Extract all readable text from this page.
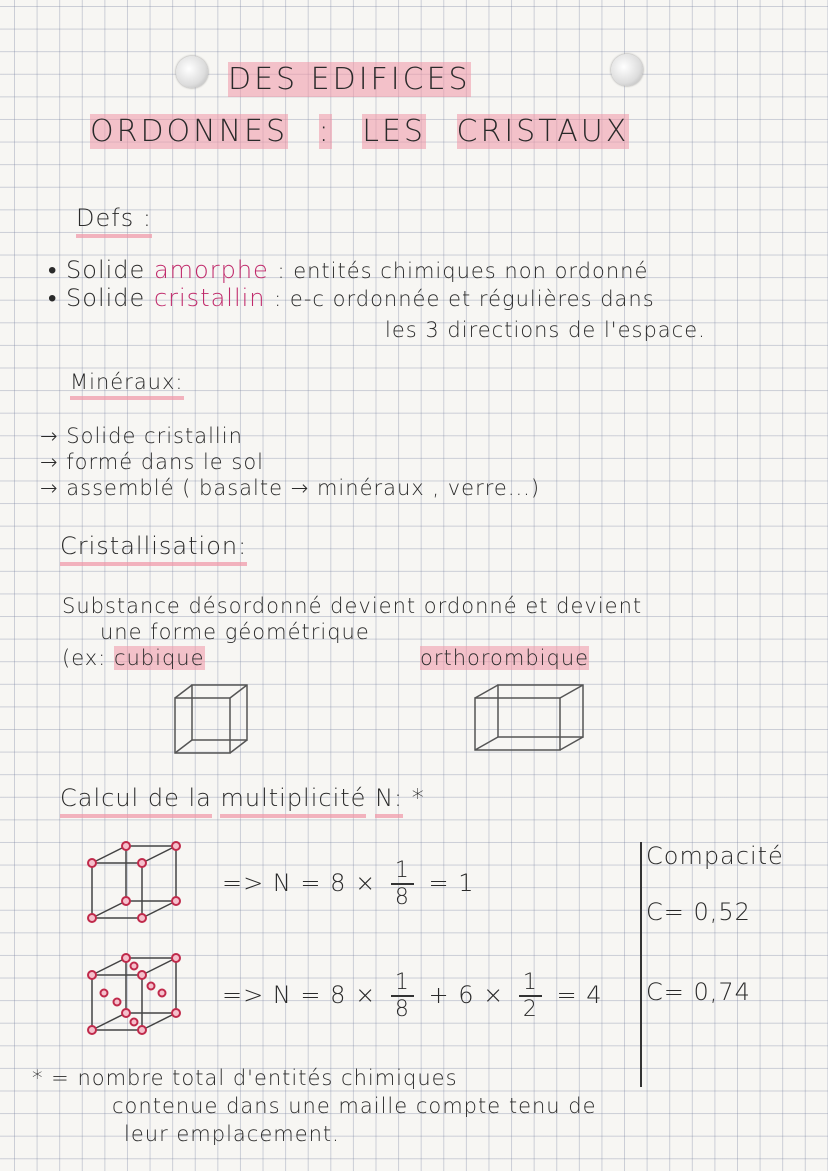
DES EDIFICES
ORDONNES : LES CRISTAUX
Defs :
• Solide amorphe : entités chimiques non ordonné
• Solide cristallin : e-c ordonnée et régulières dans
les 3 directions de l'espace.
Minéraux:
→ Solide cristallin
→ formé dans le sol
→ assemblé ( basalte → minéraux , verre...)
Cristallisation:
Substance désordonné devient ordonné et devient
une forme géométrique
(ex: cubique	orthorombique
Calcul de la multiplicité N: *
=> $N = 8 \times \frac{1}{8} = 1$
=> $N = 8 \times \frac{1}{8} + 6 \times \frac{1}{2} = 4$
Compacité
C= 0,52
C= 0,74
* = nombre total d'entités chimiques
contenue dans une maille compte tenu de
leur emplacement.
